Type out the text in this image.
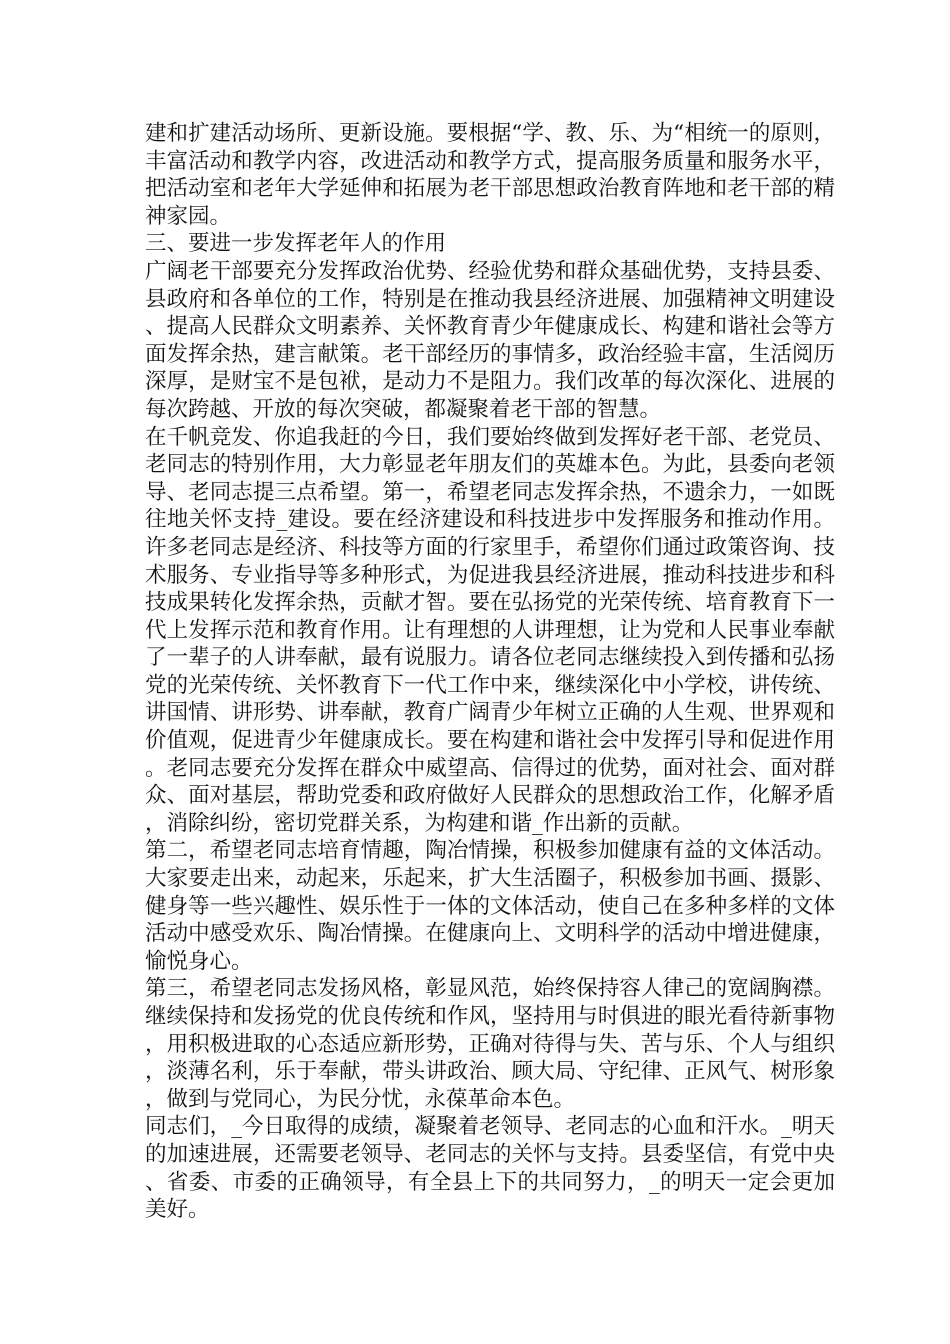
建和扩建活动场所、更新设施。要根据“学、教、乐、为“相统一的原则，丰富活动和教学内容，改进活动和教学方式，提高服务质量和服务水平，把活动室和老年大学延伸和拓展为老干部思想政治教育阵地和老干部的精神家园。

三、要进一步发挥老年人的作用

广阔老干部要充分发挥政治优势、经验优势和群众基础优势，支持县委、县政府和各单位的工作，特别是在推动我县经济进展、加强精神文明建设、提高人民群众文明素养、关怀教育青少年健康成长、构建和谐社会等方面发挥余热，建言献策。老干部经历的事情多，政治经验丰富，生活阅历深厚，是财宝不是包袱，是动力不是阻力。我们改革的每次深化、进展的每次跨越、开放的每次突破，都凝聚着老干部的智慧。

在千帆竞发、你追我赶的今日，我们要始终做到发挥好老干部、老党员、老同志的特别作用，大力彰显老年朋友们的英雄本色。为此，县委向老领导、老同志提三点希望。第一，希望老同志发挥余热，不遗余力，一如既往地关怀支持_建设。要在经济建设和科技进步中发挥服务和推动作用。许多老同志是经济、科技等方面的行家里手，希望你们通过政策咨询、技术服务、专业指导等多种形式，为促进我县经济进展，推动科技进步和科技成果转化发挥余热，贡献才智。要在弘扬党的光荣传统、培育教育下一代上发挥示范和教育作用。让有理想的人讲理想，让为党和人民事业奉献了一辈子的人讲奉献，最有说服力。请各位老同志继续投入到传播和弘扬党的光荣传统、关怀教育下一代工作中来，继续深化中小学校，讲传统、讲国情、讲形势、讲奉献，教育广阔青少年树立正确的人生观、世界观和价值观，促进青少年健康成长。要在构建和谐社会中发挥引导和促进作用。老同志要充分发挥在群众中威望高、信得过的优势，面对社会、面对群众、面对基层，帮助党委和政府做好人民群众的思想政治工作，化解矛盾，消除纠纷，密切党群关系，为构建和谐_作出新的贡献。

第二，希望老同志培育情趣，陶冶情操，积极参加健康有益的文体活动。大家要走出来，动起来，乐起来，扩大生活圈子，积极参加书画、摄影、健身等一些兴趣性、娱乐性于一体的文体活动，使自己在多种多样的文体活动中感受欢乐、陶冶情操。在健康向上、文明科学的活动中增进健康，愉悦身心。

第三，希望老同志发扬风格，彰显风范，始终保持容人律己的宽阔胸襟。继续保持和发扬党的优良传统和作风，坚持用与时俱进的眼光看待新事物，用积极进取的心态适应新形势，正确对待得与失、苦与乐、个人与组织，淡薄名利，乐于奉献，带头讲政治、顾大局、守纪律、正风气、树形象，做到与党同心，为民分忧，永葆革命本色。

同志们，_今日取得的成绩，凝聚着老领导、老同志的心血和汗水。_明天的加速进展，还需要老领导、老同志的关怀与支持。县委坚信，有党中央、省委、市委的正确领导，有全县上下的共同努力，_的明天一定会更加美好。
